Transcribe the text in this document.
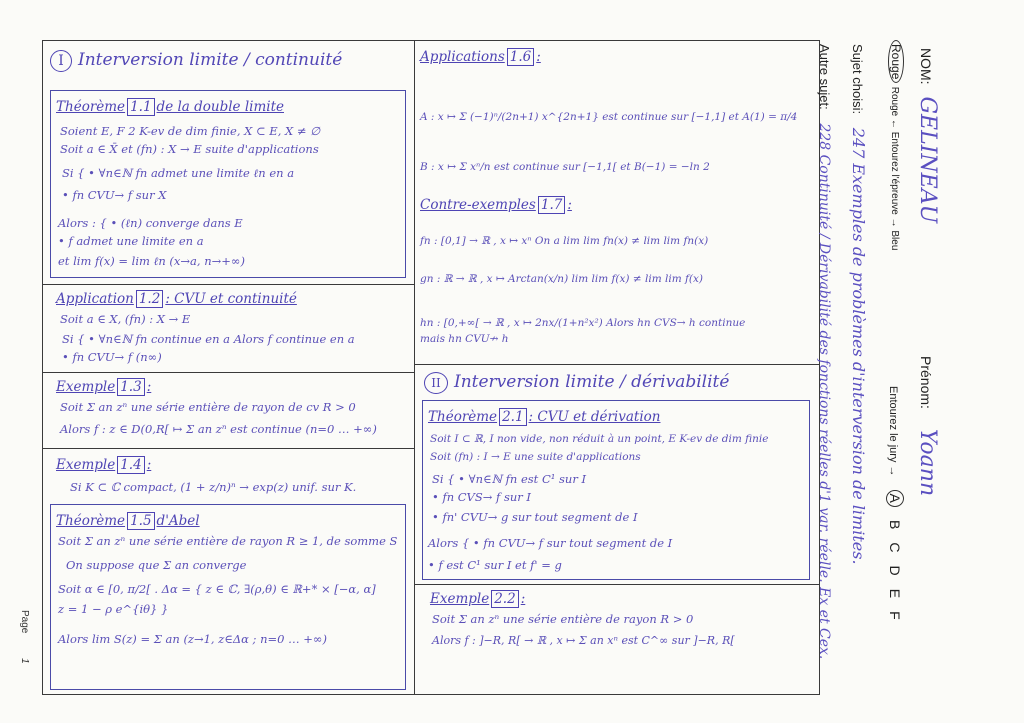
I Interversion limite / continuité
Théorème 1.1 de la double limite
Soient E, F 2 K-ev de dim finie, X ⊂ E, X ≠ ∅
Soit a ∈ X̄ et (fn) : X → E suite d'applications
Si { • ∀n∈ℕ fn admet une limite ℓn en a
• fn CVU→ f sur X
Alors : { • (ℓn) converge dans E
• f admet une limite en a
et lim f(x) = lim ℓn (x→a, n→+∞)
Application 1.2 : CVU et continuité
Soit a ∈ X, (fn) : X → E
Si { • ∀n∈ℕ fn continue en a Alors f continue en a
• fn CVU→ f (n∞)
Exemple 1.3 :
Soit Σ an zⁿ une série entière de rayon de cv R > 0
Alors f : z ∈ D(0,R[ ↦ Σ an zⁿ est continue (n=0 … +∞)
Exemple 1.4 :
Si K ⊂ ℂ compact, (1 + z/n)ⁿ → exp(z) unif. sur K.
Théorème 1.5 d'Abel
Soit Σ an zⁿ une série entière de rayon R ≥ 1, de somme S
On suppose que Σ an converge
Soit α ∈ [0, π/2[ . Δα = { z ∈ ℂ, ∃(ρ,θ) ∈ ℝ+* × [−α, α]
z = 1 − ρ e^{iθ} }
Alors lim S(z) = Σ an (z→1, z∈Δα ; n=0 … +∞)
Applications 1.6 :
A : x ↦ Σ (−1)ⁿ/(2n+1) x^{2n+1} est continue sur [−1,1] et A(1) = π/4
B : x ↦ Σ xⁿ/n est continue sur [−1,1[ et B(−1) = −ln 2
Contre-exemples 1.7 :
fn : [0,1] → ℝ , x ↦ xⁿ On a lim lim fn(x) ≠ lim lim fn(x)
gn : ℝ → ℝ , x ↦ Arctan(x/n) lim lim f(x) ≠ lim lim f(x)
hn : [0,+∞[ → ℝ , x ↦ 2nx/(1+n²x²) Alors hn CVS→ h continue
mais hn CVU↛ h
II Interversion limite / dérivabilité
Théorème 2.1 : CVU et dérivation
Soit I ⊂ ℝ, I non vide, non réduit à un point, E K-ev de dim finie
Soit (fn) : I → E une suite d'applications
Si { • ∀n∈ℕ fn est C¹ sur I
• fn CVS→ f sur I
• fn' CVU→ g sur tout segment de I
Alors { • fn CVU→ f sur tout segment de I
• f est C¹ sur I et f' = g
Exemple 2.2 :
Soit Σ an zⁿ une série entière de rayon R > 0
Alors f : ]−R, R[ → ℝ , x ↦ Σ an xⁿ est C^∞ sur ]−R, R[
NOM: GELINEAU
Prénom: Yoann
Rouge Rouge ← Entourez l'épreuve → Bleu
Entourez le jury → A B C D E F
Sujet choisi: 247 Exemples de problèmes d'interversion de limites.
Autre sujet: 228 Continuité / Dérivabilité des fonctions réelles d'1 var. réelle. Ex et Cex.
Page 1
